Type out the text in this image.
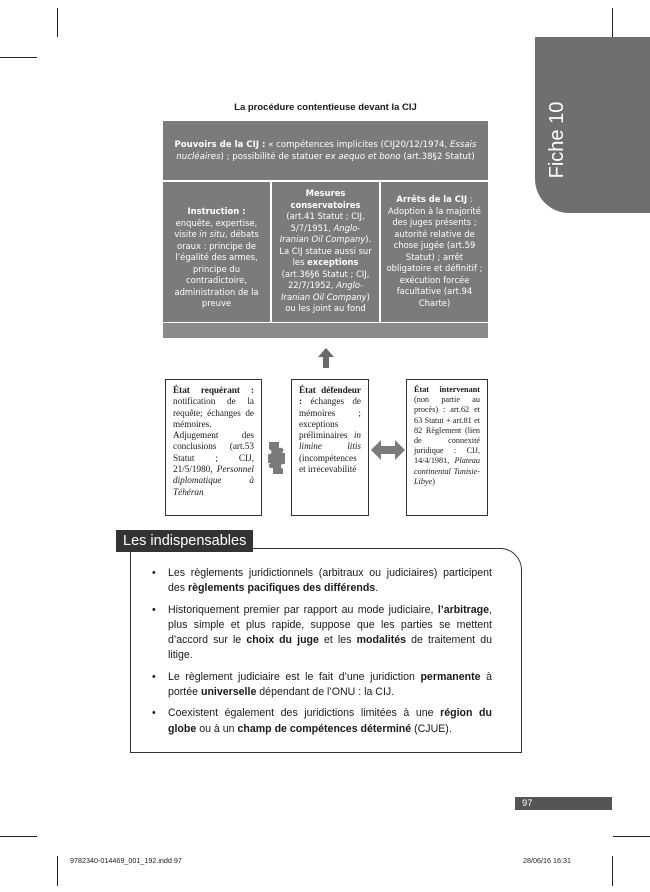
Fiche 10
La procédure contentieuse devant la CIJ
Pouvoirs de la CIJ : « compétences implicites (CIJ20/12/1974, Essais nucléaires) ; possibilité de statuer ex aequo et bono (art.38§2 Statut)
Instruction : enquête, expertise, visite in situ, débats oraux : principe de l’égalité des armes, principe du contradictoire, administration de la preuve
Mesures conservatoires (art.41 Statut ; CIJ, 5/7/1951, Anglo-Iranian Oil Company). La CIJ statue aussi sur les exceptions (art.36§6 Statut ; CIJ, 22/7/1952, Anglo-Iranian Oil Company) ou les joint au fond
Arrêts de la CIJ : Adoption à la majorité des juges présents ; autorité relative de chose jugée (art.59 Statut) ; arrêt obligatoire et définitif ; exécution forcée facultative (art.94 Charte)
État requérant : notification de la requête; échanges de mémoires. Adjugement des conclusions (art.53 Statut ; CIJ, 21/5/1980, Personnel diplomatique à Téhéran
État défendeur : échanges de mémoires ; exceptions préliminaires in limine litis (incompétences et irrecevabilité
État intervenant (non partie au procès) : art.62 et 63 Statut + art.81 et 82 Règlement (lien de connexité juridique : CIJ, 14/4/1981, Plateau continental Tunisie-Libye)
Les indispensables
• Les règlements juridictionnels (arbitraux ou judiciaires) participent des règlements pacifiques des différends.
• Historiquement premier par rapport au mode judiciaire, l’arbitrage, plus simple et plus rapide, suppose que les parties se mettent d’accord sur le choix du juge et les modalités de traitement du litige.
• Le règlement judiciaire est le fait d’une juridiction permanente à portée universelle dépendant de l’ONU : la CIJ.
• Coexistent également des juridictions limitées à une région du globe ou à un champ de compétences déterminé (CJUE).
97
9782340-014469_001_192.indd 97	28/06/16 16:31
